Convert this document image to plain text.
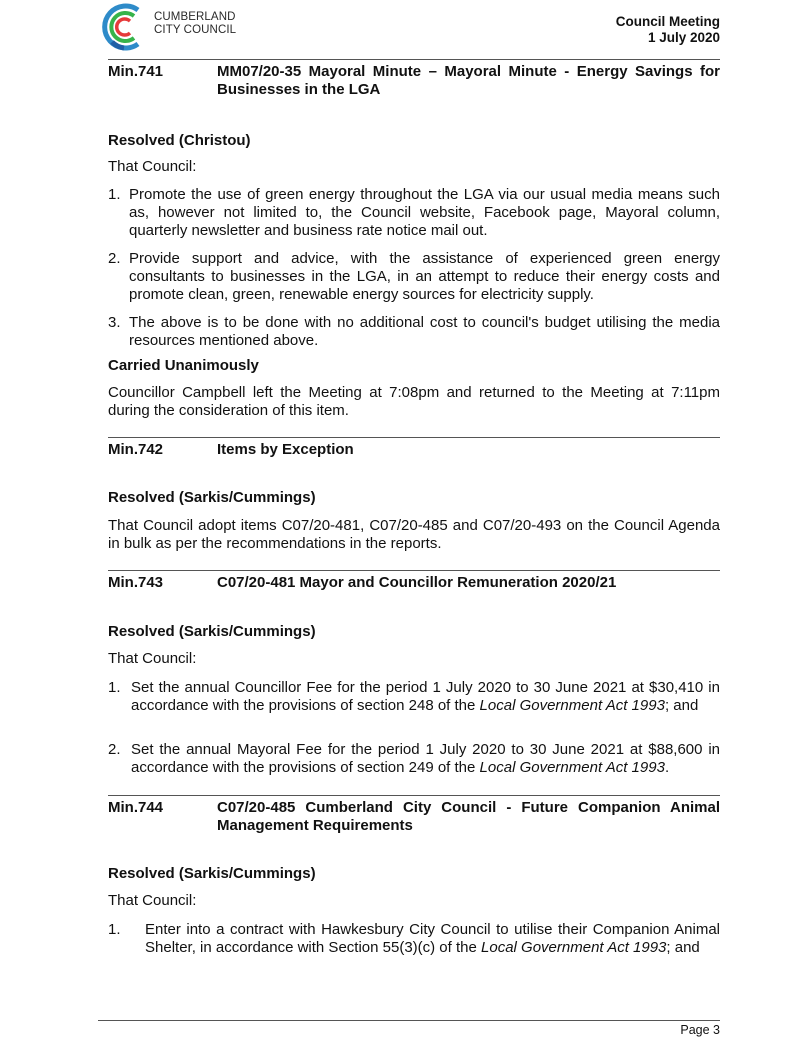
CUMBERLAND
CITY COUNCIL
Council Meeting
1 July 2020
Min.741	MM07/20-35 Mayoral Minute – Mayoral Minute - Energy Savings for Businesses in the LGA
Resolved (Christou)
That Council:
1. Promote the use of green energy throughout the LGA via our usual media means such as, however not limited to, the Council website, Facebook page, Mayoral column, quarterly newsletter and business rate notice mail out.
2. Provide support and advice, with the assistance of experienced green energy consultants to businesses in the LGA, in an attempt to reduce their energy costs and promote clean, green, renewable energy sources for electricity supply.
3. The above is to be done with no additional cost to council's budget utilising the media resources mentioned above.
Carried Unanimously
Councillor Campbell left the Meeting at 7:08pm and returned to the Meeting at 7:11pm during the consideration of this item.
Min.742	Items by Exception
Resolved (Sarkis/Cummings)
That Council adopt items C07/20-481, C07/20-485 and C07/20-493 on the Council Agenda in bulk as per the recommendations in the reports.
Min.743	C07/20-481 Mayor and Councillor Remuneration 2020/21
Resolved (Sarkis/Cummings)
That Council:
1. Set the annual Councillor Fee for the period 1 July 2020 to 30 June 2021 at $30,410 in accordance with the provisions of section 248 of the Local Government Act 1993; and
2. Set the annual Mayoral Fee for the period 1 July 2020 to 30 June 2021 at $88,600 in accordance with the provisions of section 249 of the Local Government Act 1993.
Min.744	C07/20-485 Cumberland City Council - Future Companion Animal Management Requirements
Resolved (Sarkis/Cummings)
That Council:
1. Enter into a contract with Hawkesbury City Council to utilise their Companion Animal Shelter, in accordance with Section 55(3)(c) of the Local Government Act 1993; and
Page 3
